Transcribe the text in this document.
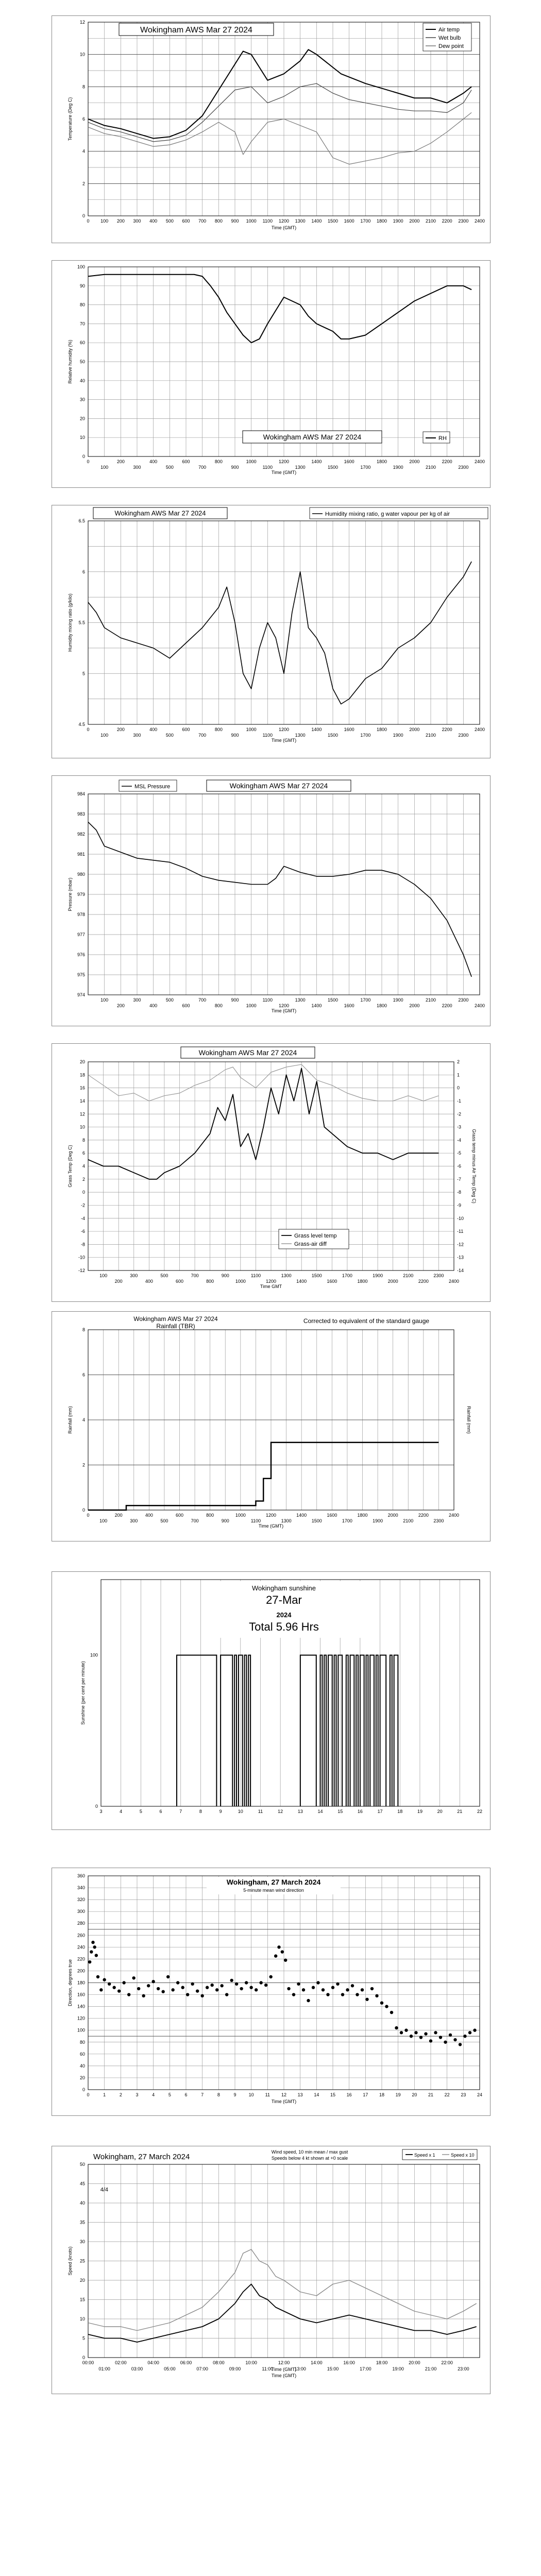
0
2
4
6
8
10
12
0 100 200 300 400 500 600 700 800 900 1000 1100 1200 1300 1400 1500 1600 1700 1800 1900 2000 2100 2200 2300 2400
Time (GMT)
Temperature (Deg C)
Wokingham AWS Mar 27 2024	Air temp
Wet bulb
Dew point
0
10
20
30
40
50
60
70
80
90
100
0
100
200
300
400
500
600
700
800
900
1000
1100
1200
1300
1400
1500
1600
1700
1800
1900
2000
2100
2200
2300
2400
Time (GMT)
Relative humidity (%)
Wokingham AWS Mar 27 2024	RH
4.5
5
5.5
6
6.5
0
100
200
300
400
500
600
700
800
900
1000
1100
1200
1300
1400
1500
1600
1700
1800
1900
2000
2100
2200
2300
2400
Time (GMT)
Humidity mixing ratio (g/kilo)
Wokingham AWS Mar 27 2024	Humidity mixing ratio, g water vapour per kg of air
974
975
976
977
978
979
980
981
982
983
984
100
200
300
400
500
600
700
800
900
1000
1100
1200
1300
1400
1500
1600
1700
1800
1900
2000
2100
2200
2300
2400
Time (GMT)
Pressure (mbar)
MSL Pressure	Wokingham AWS Mar 27 2024
-12
-10
-8
-6
-4
-2
0
2
4
6
8
10
12
14
16
18
20
100
200
300
400
500
600
700
800
900
1000
1100
1200
1300
1400
1500
1600
1700
1800
1900
2000
2100
2200
2300
2400
Time GMT
Grass Temp (Deg C)
-14
-13
-12
-11
-10
-9
-8
-7
-6
-5
-4
-3
-2
-1
0
1
2
Grass temp minus Air Temp (Deg C)
Wokingham AWS Mar 27 2024
Grass level temp
Grass-air diff
0
2
4
6
8
0
100
200
300
400
500
600
700
800
900
1000
1100
1200
1300
1400
1500
1600
1700
1800
1900
2000
2100
2200
2300
2400
Time (GMT)
Rainfall (mm)	Rainfall (mm)
Wokingham AWS Mar 27 2024
Rainfall (TBR)
Corrected to equivalent of the standard gauge
0
100
3	4	5	6	7	8	9	10	11	12	13	14	15	16	17	18	19	20	21	22
Sunshine (per cent per minute)
Wokingham sunshine
27-Mar
2024
Total 5.96 Hrs
0
20
40
60
80
100
120
140
160
180
200
220
240
260
280
300
320
340
360
0	1	2	3	4	5	6	7	8	9	10 11 12 13 14 15 16 17 18 19 20 21 22 23 24
Time (GMT)
Direction, degrees true
Wokingham, 27 March 2024
5-minute mean wind direction
0
5
10
15
20
25
30
35
40
45
50
Time (GMT)
Speed (knots)
00:00	02:00	04:00	06:00	08:00	10:00	12:00	14:00	16:00	18:00	20:00	22:00
01:00	03:00	05:00	07:00	09:00	11:00	13:00	15:00	17:00	19:00	21:00	23:00
Time (GMT)
Wokingham, 27 March 2024
Wind speed, 10 min mean / max gust
Speeds below 4 kt shown at +0 scale
4/4
Speed x 1	Speed x 10
